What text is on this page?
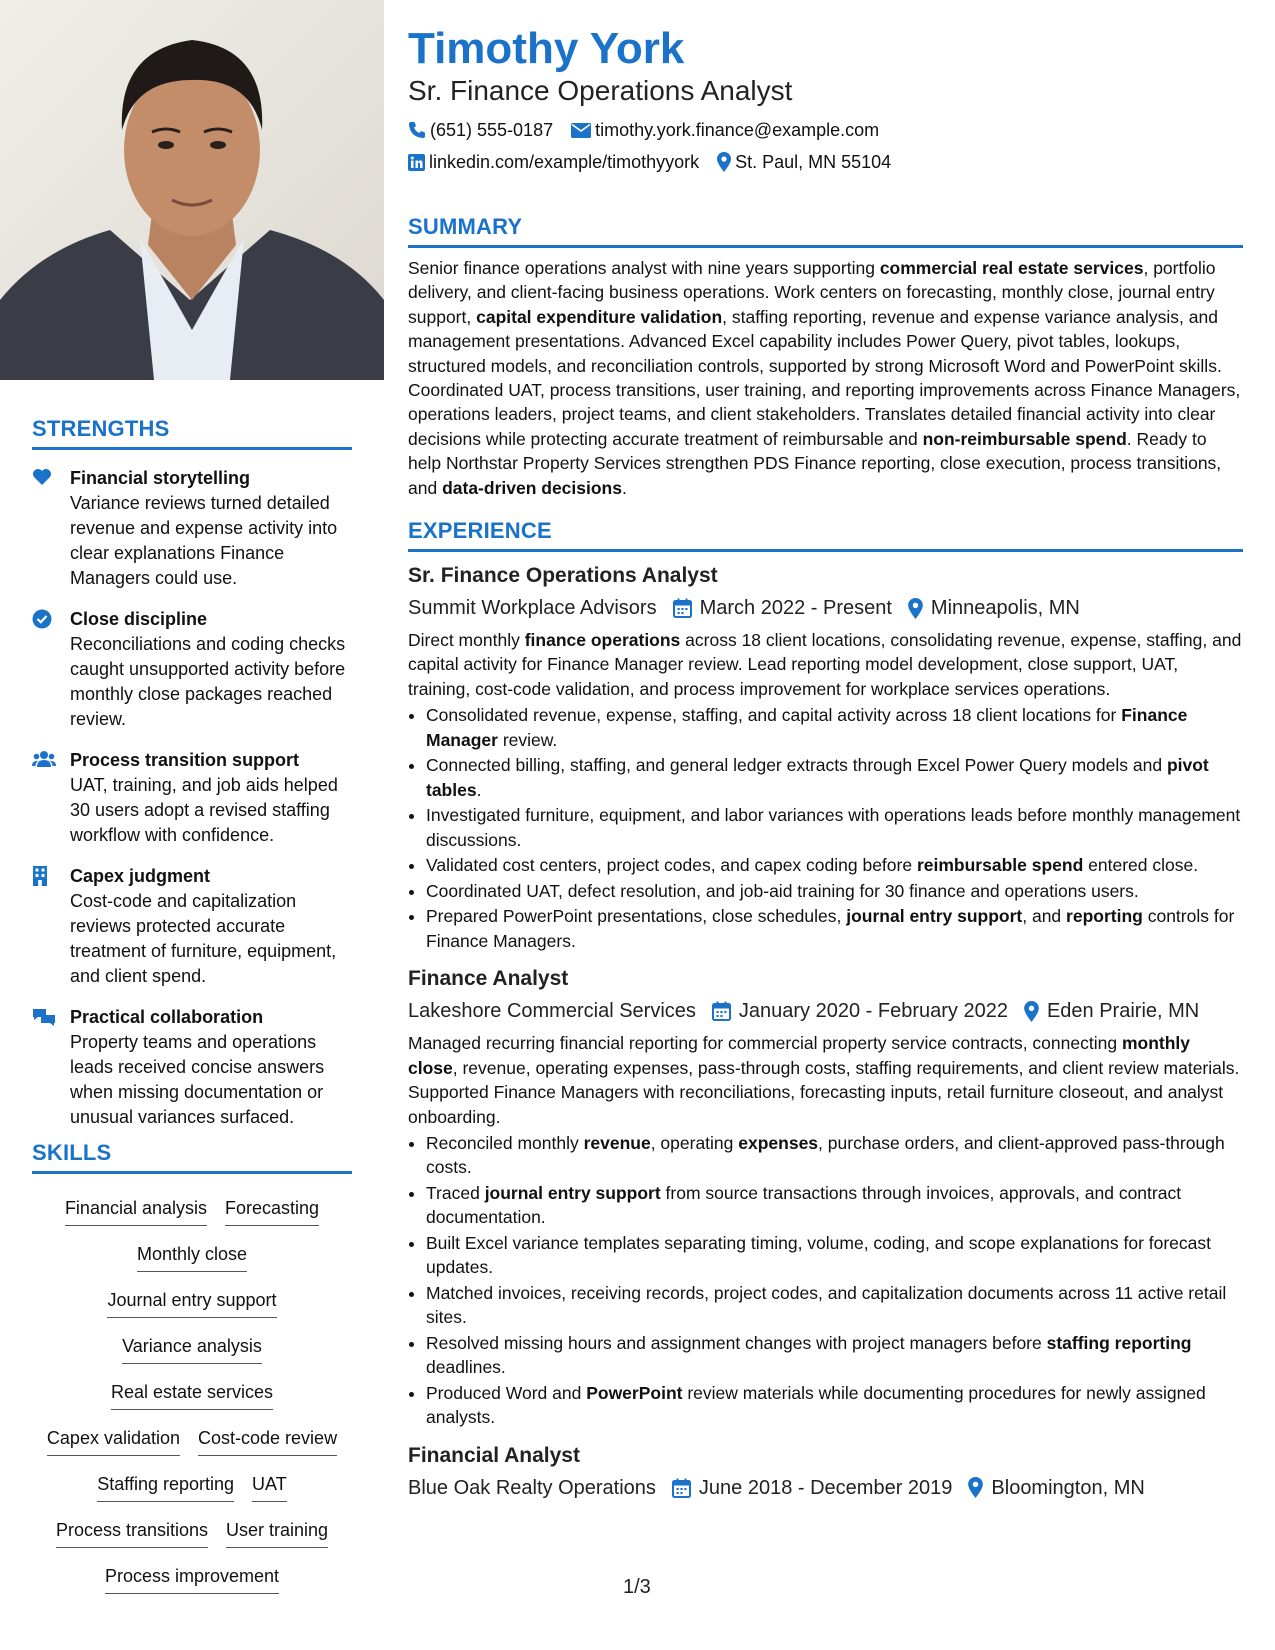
STRENGTHS
Financial storytelling
Variance reviews turned detailed revenue and expense activity into clear explanations Finance Managers could use.
Close discipline
Reconciliations and coding checks caught unsupported activity before monthly close packages reached review.
Process transition support
UAT, training, and job aids helped 30 users adopt a revised staffing workflow with confidence.
Capex judgment
Cost-code and capitalization reviews protected accurate treatment of furniture, equipment, and client spend.
Practical collaboration
Property teams and operations leads received concise answers when missing documentation or unusual variances surfaced.
SKILLS
Financial analysis Forecasting
Monthly close
Journal entry support
Variance analysis
Real estate services
Capex validation Cost-code review
Staffing reporting UAT
Process transitions User training
Process improvement
Timothy York
Sr. Finance Operations Analyst
(651) 555-0187 timothy.york.finance@example.com
linkedin.com/example/timothyyork St. Paul, MN 55104
SUMMARY
Senior finance operations analyst with nine years supporting commercial real estate services, portfolio delivery, and client-facing business operations. Work centers on forecasting, monthly close, journal entry support, capital expenditure validation, staffing reporting, revenue and expense variance analysis, and management presentations. Advanced Excel capability includes Power Query, pivot tables, lookups, structured models, and reconciliation controls, supported by strong Microsoft Word and PowerPoint skills. Coordinated UAT, process transitions, user training, and reporting improvements across Finance Managers, operations leaders, project teams, and client stakeholders. Translates detailed financial activity into clear decisions while protecting accurate treatment of reimbursable and non-reimbursable spend. Ready to help Northstar Property Services strengthen PDS Finance reporting, close execution, process transitions, and data-driven decisions.
EXPERIENCE
Sr. Finance Operations Analyst
Summit Workplace Advisors March 2022 - Present Minneapolis, MN
Direct monthly finance operations across 18 client locations, consolidating revenue, expense, staffing, and capital activity for Finance Manager review. Lead reporting model development, close support, UAT, training, cost-code validation, and process improvement for workplace services operations.
• Consolidated revenue, expense, staffing, and capital activity across 18 client locations for Finance Manager review.
• Connected billing, staffing, and general ledger extracts through Excel Power Query models and pivot tables.
• Investigated furniture, equipment, and labor variances with operations leads before monthly management discussions.
• Validated cost centers, project codes, and capex coding before reimbursable spend entered close.
• Coordinated UAT, defect resolution, and job-aid training for 30 finance and operations users.
• Prepared PowerPoint presentations, close schedules, journal entry support, and reporting controls for Finance Managers.
Finance Analyst
Lakeshore Commercial Services January 2020 - February 2022 Eden Prairie, MN
Managed recurring financial reporting for commercial property service contracts, connecting monthly close, revenue, operating expenses, pass-through costs, staffing requirements, and client review materials. Supported Finance Managers with reconciliations, forecasting inputs, retail furniture closeout, and analyst onboarding.
• Reconciled monthly revenue, operating expenses, purchase orders, and client-approved pass-through costs.
• Traced journal entry support from source transactions through invoices, approvals, and contract documentation.
• Built Excel variance templates separating timing, volume, coding, and scope explanations for forecast updates.
• Matched invoices, receiving records, project codes, and capitalization documents across 11 active retail sites.
• Resolved missing hours and assignment changes with project managers before staffing reporting deadlines.
• Produced Word and PowerPoint review materials while documenting procedures for newly assigned analysts.
Financial Analyst
Blue Oak Realty Operations June 2018 - December 2019 Bloomington, MN
1/3
